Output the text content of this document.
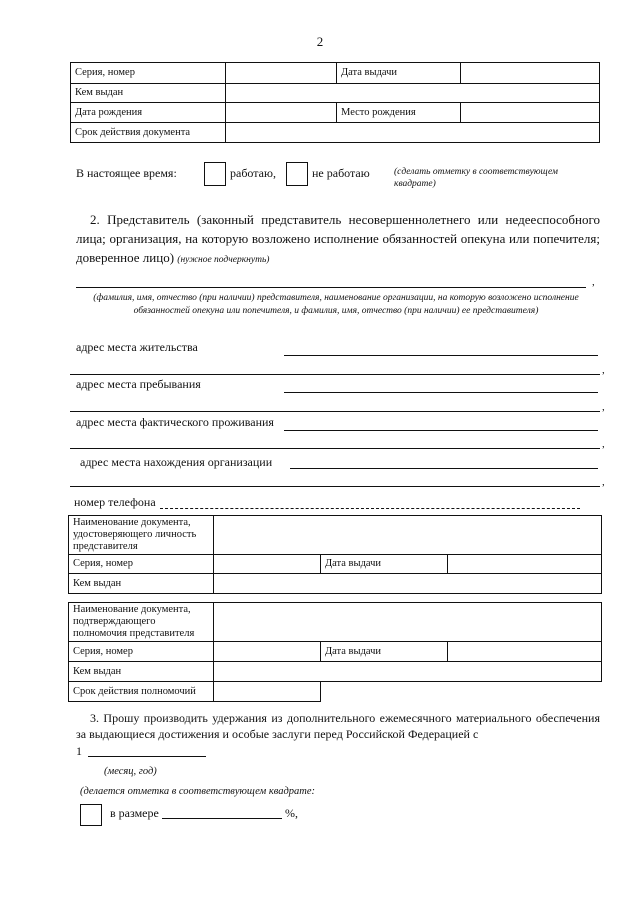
2
Серия, номер		Дата выдачи	
Кем выдан			
Дата рождения		Место рождения	
Срок действия документа			
В настоящее время:	работаю,	не работаю	(сделать отметку в соответствующем квадрате)
2. Представитель (законный представитель несовершеннолетнего или недееспособного лица; организация, на которую возложено исполнение обязанностей опекуна или попечителя; доверенное лицо) (нужное подчеркнуть)
,
(фамилия, имя, отчество (при наличии) представителя, наименование организации, на которую возложено исполнение обязанностей опекуна или попечителя, и фамилия, имя, отчество (при наличии) ее представителя)
адрес места жительства
,
адрес места пребывания
,
адрес места фактического проживания
,
адрес места нахождения организации
,
номер телефона
Наименование документа, удостоверяющего личность представителя			
Серия, номер		Дата выдачи	
Кем выдан			
Наименование документа, подтверждающего полномочия представителя			
Серия, номер		Дата выдачи	
Кем выдан			
Срок действия полномочий			
3. Прошу производить удержания из дополнительного ежемесячного материального обеспечения за выдающиеся достижения и особые заслуги перед Российской Федерацией с
1
(месяц, год)
(делается отметка в соответствующем квадрате:
в размере	%,
